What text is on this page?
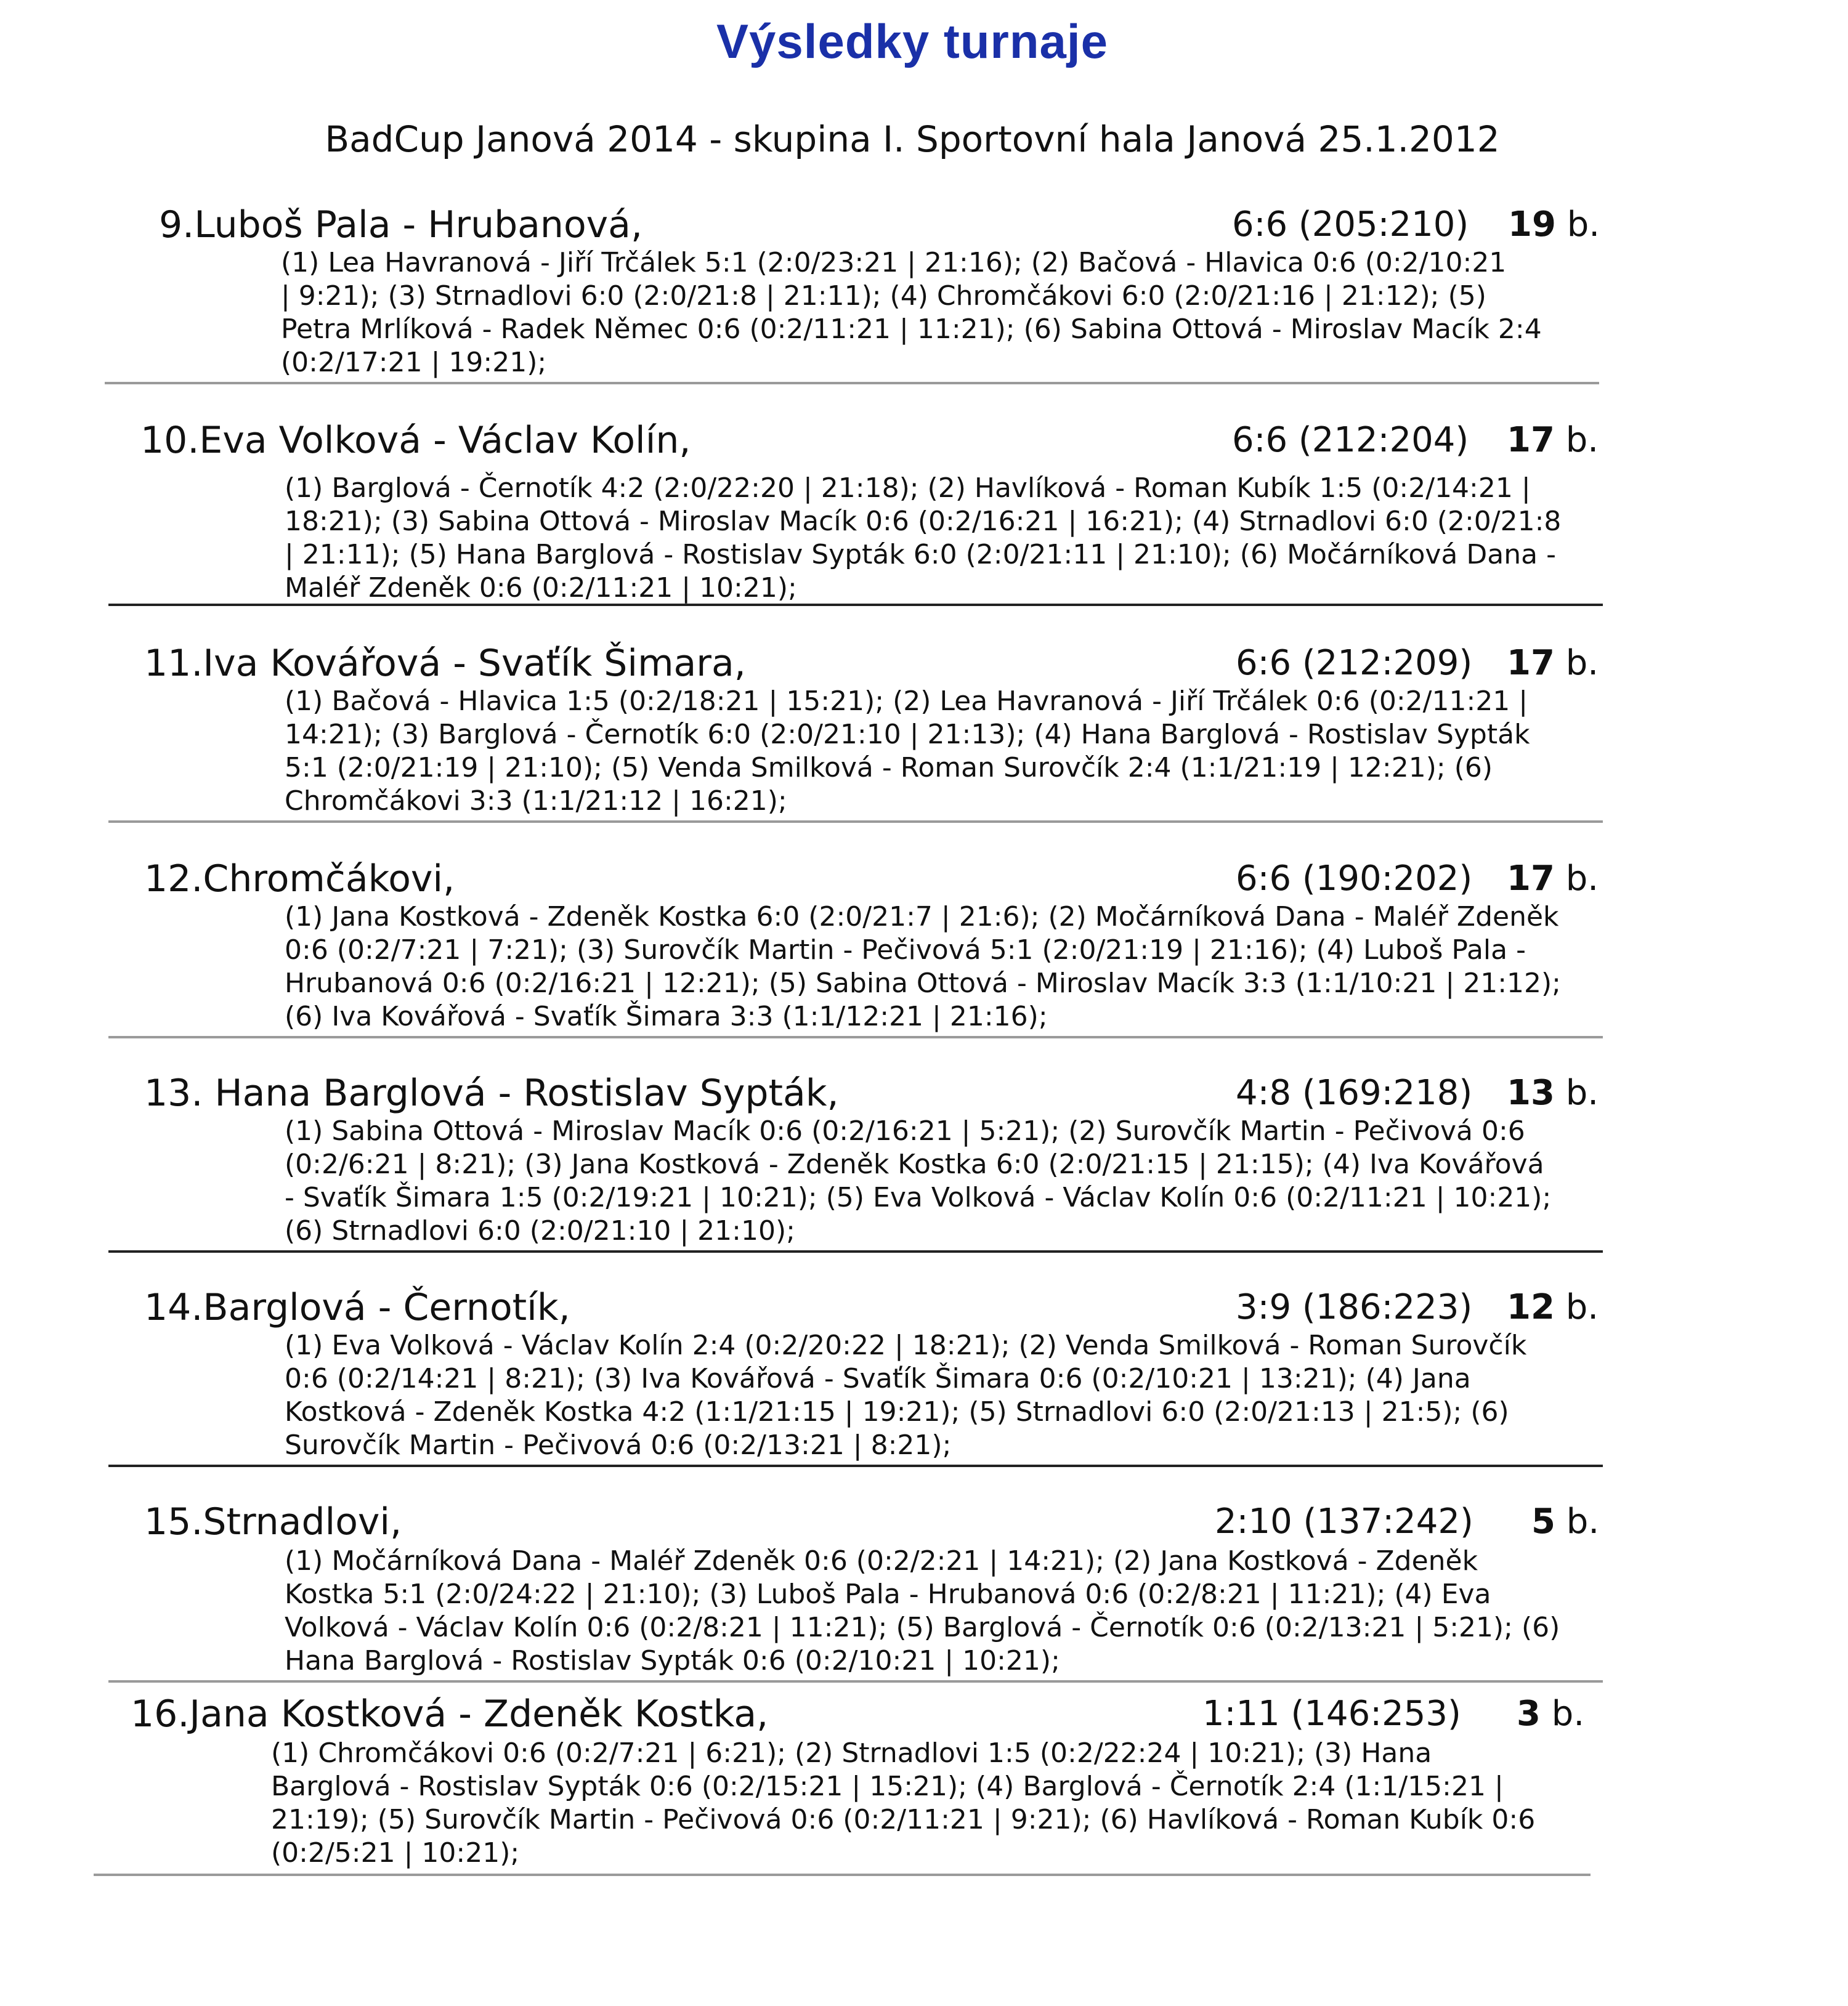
Výsledky turnaje
BadCup Janová 2014 - skupina I. Sportovní hala Janová 25.1.2012
9.Luboš Pala - Hrubanová,	6:6 (205:210) 19 b.
(1) Lea Havranová - Jiří Trčálek 5:1 (2:0/23:21 | 21:16); (2) Bačová - Hlavica 0:6 (0:2/10:21
| 9:21); (3) Strnadlovi 6:0 (2:0/21:8 | 21:11); (4) Chromčákovi 6:0 (2:0/21:16 | 21:12); (5)
Petra Mrlíková - Radek Němec 0:6 (0:2/11:21 | 11:21); (6) Sabina Ottová - Miroslav Macík 2:4
(0:2/17:21 | 19:21);
10.Eva Volková - Václav Kolín,	6:6 (212:204) 17 b.
(1) Barglová - Černotík 4:2 (2:0/22:20 | 21:18); (2) Havlíková - Roman Kubík 1:5 (0:2/14:21 |
18:21); (3) Sabina Ottová - Miroslav Macík 0:6 (0:2/16:21 | 16:21); (4) Strnadlovi 6:0 (2:0/21:8
| 21:11); (5) Hana Barglová - Rostislav Sypták 6:0 (2:0/21:11 | 21:10); (6) Močárníková Dana -
Maléř Zdeněk 0:6 (0:2/11:21 | 10:21);
11.Iva Kovářová - Svaťík Šimara,	6:6 (212:209) 17 b.
(1) Bačová - Hlavica 1:5 (0:2/18:21 | 15:21); (2) Lea Havranová - Jiří Trčálek 0:6 (0:2/11:21 |
14:21); (3) Barglová - Černotík 6:0 (2:0/21:10 | 21:13); (4) Hana Barglová - Rostislav Sypták
5:1 (2:0/21:19 | 21:10); (5) Venda Smilková - Roman Surovčík 2:4 (1:1/21:19 | 12:21); (6)
Chromčákovi 3:3 (1:1/21:12 | 16:21);
12.Chromčákovi,	6:6 (190:202) 17 b.
(1) Jana Kostková - Zdeněk Kostka 6:0 (2:0/21:7 | 21:6); (2) Močárníková Dana - Maléř Zdeněk
0:6 (0:2/7:21 | 7:21); (3) Surovčík Martin - Pečivová 5:1 (2:0/21:19 | 21:16); (4) Luboš Pala -
Hrubanová 0:6 (0:2/16:21 | 12:21); (5) Sabina Ottová - Miroslav Macík 3:3 (1:1/10:21 | 21:12);
(6) Iva Kovářová - Svaťík Šimara 3:3 (1:1/12:21 | 21:16);
13. Hana Barglová - Rostislav Sypták,	4:8 (169:218) 13 b.
(1) Sabina Ottová - Miroslav Macík 0:6 (0:2/16:21 | 5:21); (2) Surovčík Martin - Pečivová 0:6
(0:2/6:21 | 8:21); (3) Jana Kostková - Zdeněk Kostka 6:0 (2:0/21:15 | 21:15); (4) Iva Kovářová
- Svaťík Šimara 1:5 (0:2/19:21 | 10:21); (5) Eva Volková - Václav Kolín 0:6 (0:2/11:21 | 10:21);
(6) Strnadlovi 6:0 (2:0/21:10 | 21:10);
14.Barglová - Černotík,	3:9 (186:223) 12 b.
(1) Eva Volková - Václav Kolín 2:4 (0:2/20:22 | 18:21); (2) Venda Smilková - Roman Surovčík
0:6 (0:2/14:21 | 8:21); (3) Iva Kovářová - Svaťík Šimara 0:6 (0:2/10:21 | 13:21); (4) Jana
Kostková - Zdeněk Kostka 4:2 (1:1/21:15 | 19:21); (5) Strnadlovi 6:0 (2:0/21:13 | 21:5); (6)
Surovčík Martin - Pečivová 0:6 (0:2/13:21 | 8:21);
15.Strnadlovi,	2:10 (137:242) 5 b.
(1) Močárníková Dana - Maléř Zdeněk 0:6 (0:2/2:21 | 14:21); (2) Jana Kostková - Zdeněk
Kostka 5:1 (2:0/24:22 | 21:10); (3) Luboš Pala - Hrubanová 0:6 (0:2/8:21 | 11:21); (4) Eva
Volková - Václav Kolín 0:6 (0:2/8:21 | 11:21); (5) Barglová - Černotík 0:6 (0:2/13:21 | 5:21); (6)
Hana Barglová - Rostislav Sypták 0:6 (0:2/10:21 | 10:21);
16.Jana Kostková - Zdeněk Kostka,	1:11 (146:253) 3 b.
(1) Chromčákovi 0:6 (0:2/7:21 | 6:21); (2) Strnadlovi 1:5 (0:2/22:24 | 10:21); (3) Hana
Barglová - Rostislav Sypták 0:6 (0:2/15:21 | 15:21); (4) Barglová - Černotík 2:4 (1:1/15:21 |
21:19); (5) Surovčík Martin - Pečivová 0:6 (0:2/11:21 | 9:21); (6) Havlíková - Roman Kubík 0:6
(0:2/5:21 | 10:21);
